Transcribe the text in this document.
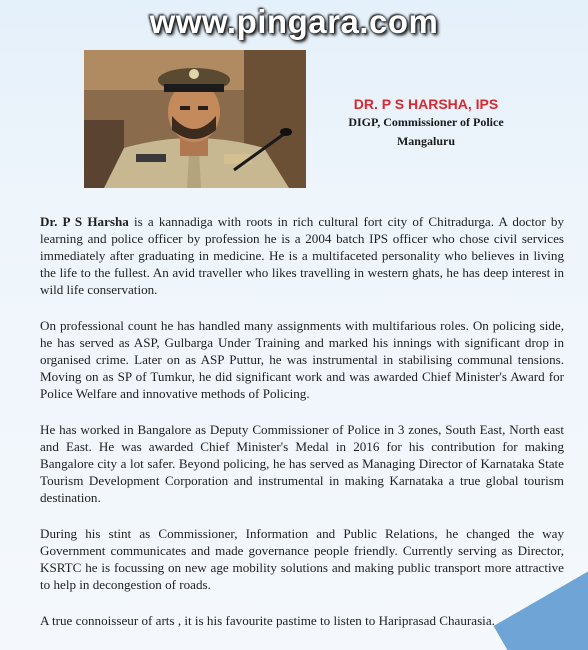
www.pingara.com
DR. P S HARSHA, IPS
DIGP, Commissioner of Police
Mangaluru

Dr. P S Harsha is a kannadiga with roots in rich cultural fort city of Chitradurga. A doctor by learning and police officer by profession he is a 2004 batch IPS officer who chose civil services immediately after graduating in medicine. He is a multifaceted personality who believes in living the life to the fullest. An avid traveller who likes travelling in western ghats, he has deep interest in wild life conservation.

On professional count he has handled many assignments with multifarious roles. On policing side, he has served as ASP, Gulbarga Under Training and marked his innings with significant drop in organised crime. Later on as ASP Puttur, he was instrumental in stabilising communal tensions. Moving on as SP of Tumkur, he did significant work and was awarded Chief Minister's Award for Police Welfare and innovative methods of Policing.

He has worked in Bangalore as Deputy Commissioner of Police in 3 zones, South East, North east and East. He was awarded Chief Minister's Medal in 2016 for his contribution for making Bangalore city a lot safer. Beyond policing, he has served as Managing Director of Karnataka State Tourism Development Corporation and instrumental in making Karnataka a true global tourism destination.

During his stint as Commissioner, Information and Public Relations, he changed the way Government communicates and made governance people friendly. Currently serving as Director, KSRTC he is focussing on new age mobility solutions and making public transport more attractive to help in decongestion of roads.

A true connoisseur of arts , it is his favourite pastime to listen to Hariprasad Chaurasia.
